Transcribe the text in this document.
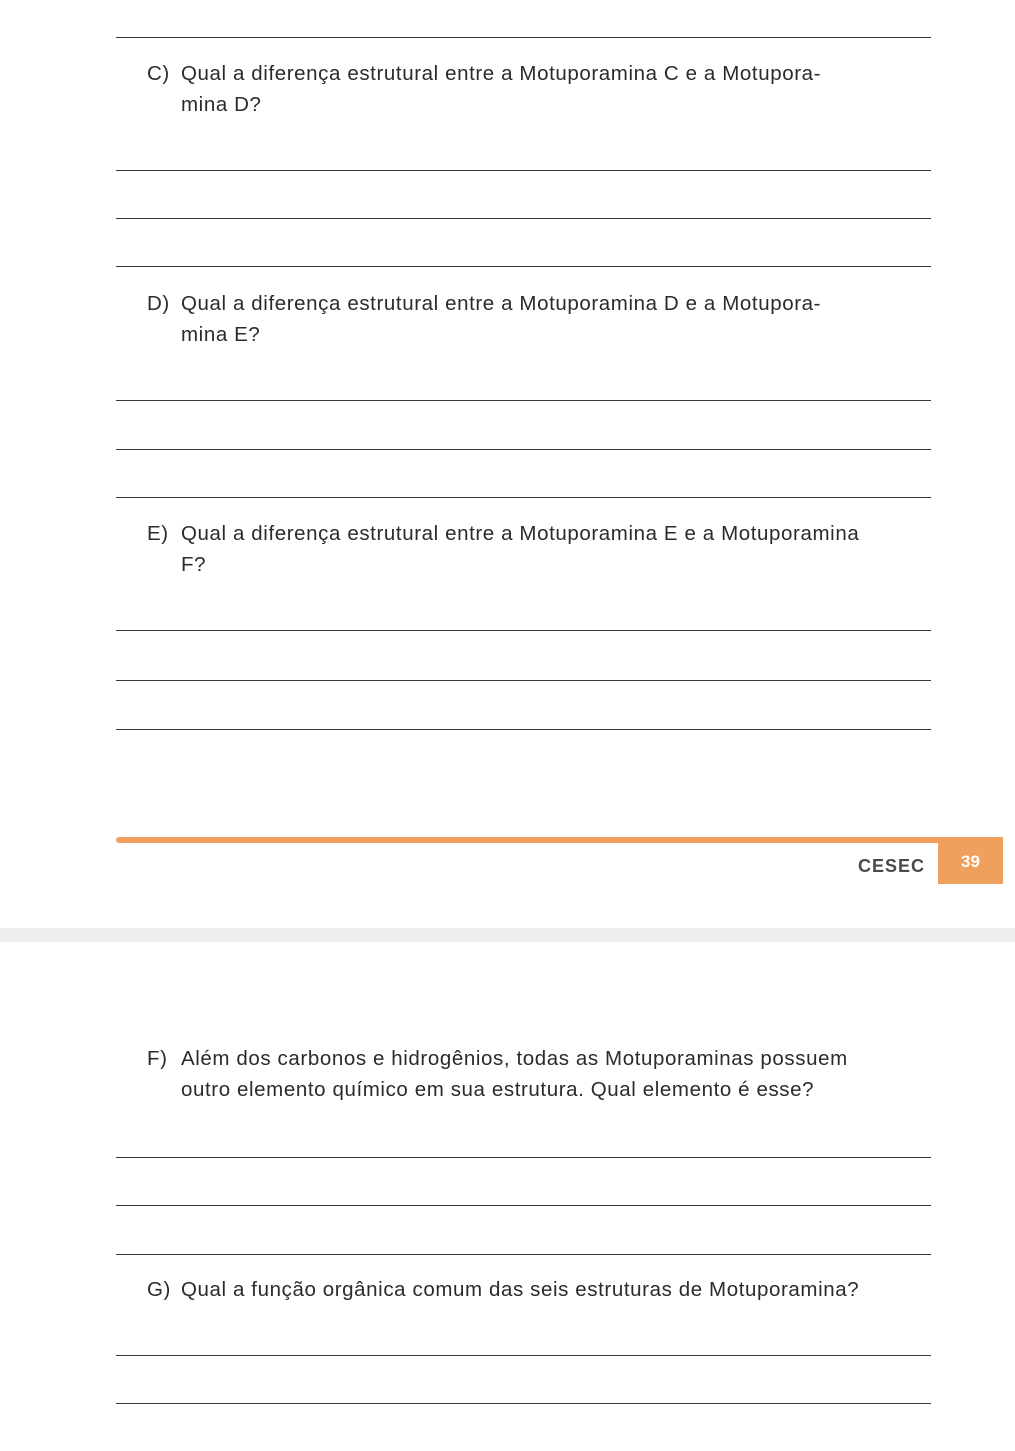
C) Qual a diferença estrutural entre a Motuporamina C e a Motupora-
mina D?
D) Qual a diferença estrutural entre a Motuporamina D e a Motupora-
mina E?
E) Qual a diferença estrutural entre a Motuporamina E e a Motuporamina
F?
CESEC	39
F) Além dos carbonos e hidrogênios, todas as Motuporaminas possuem
outro elemento químico em sua estrutura. Qual elemento é esse?
G) Qual a função orgânica comum das seis estruturas de Motuporamina?
